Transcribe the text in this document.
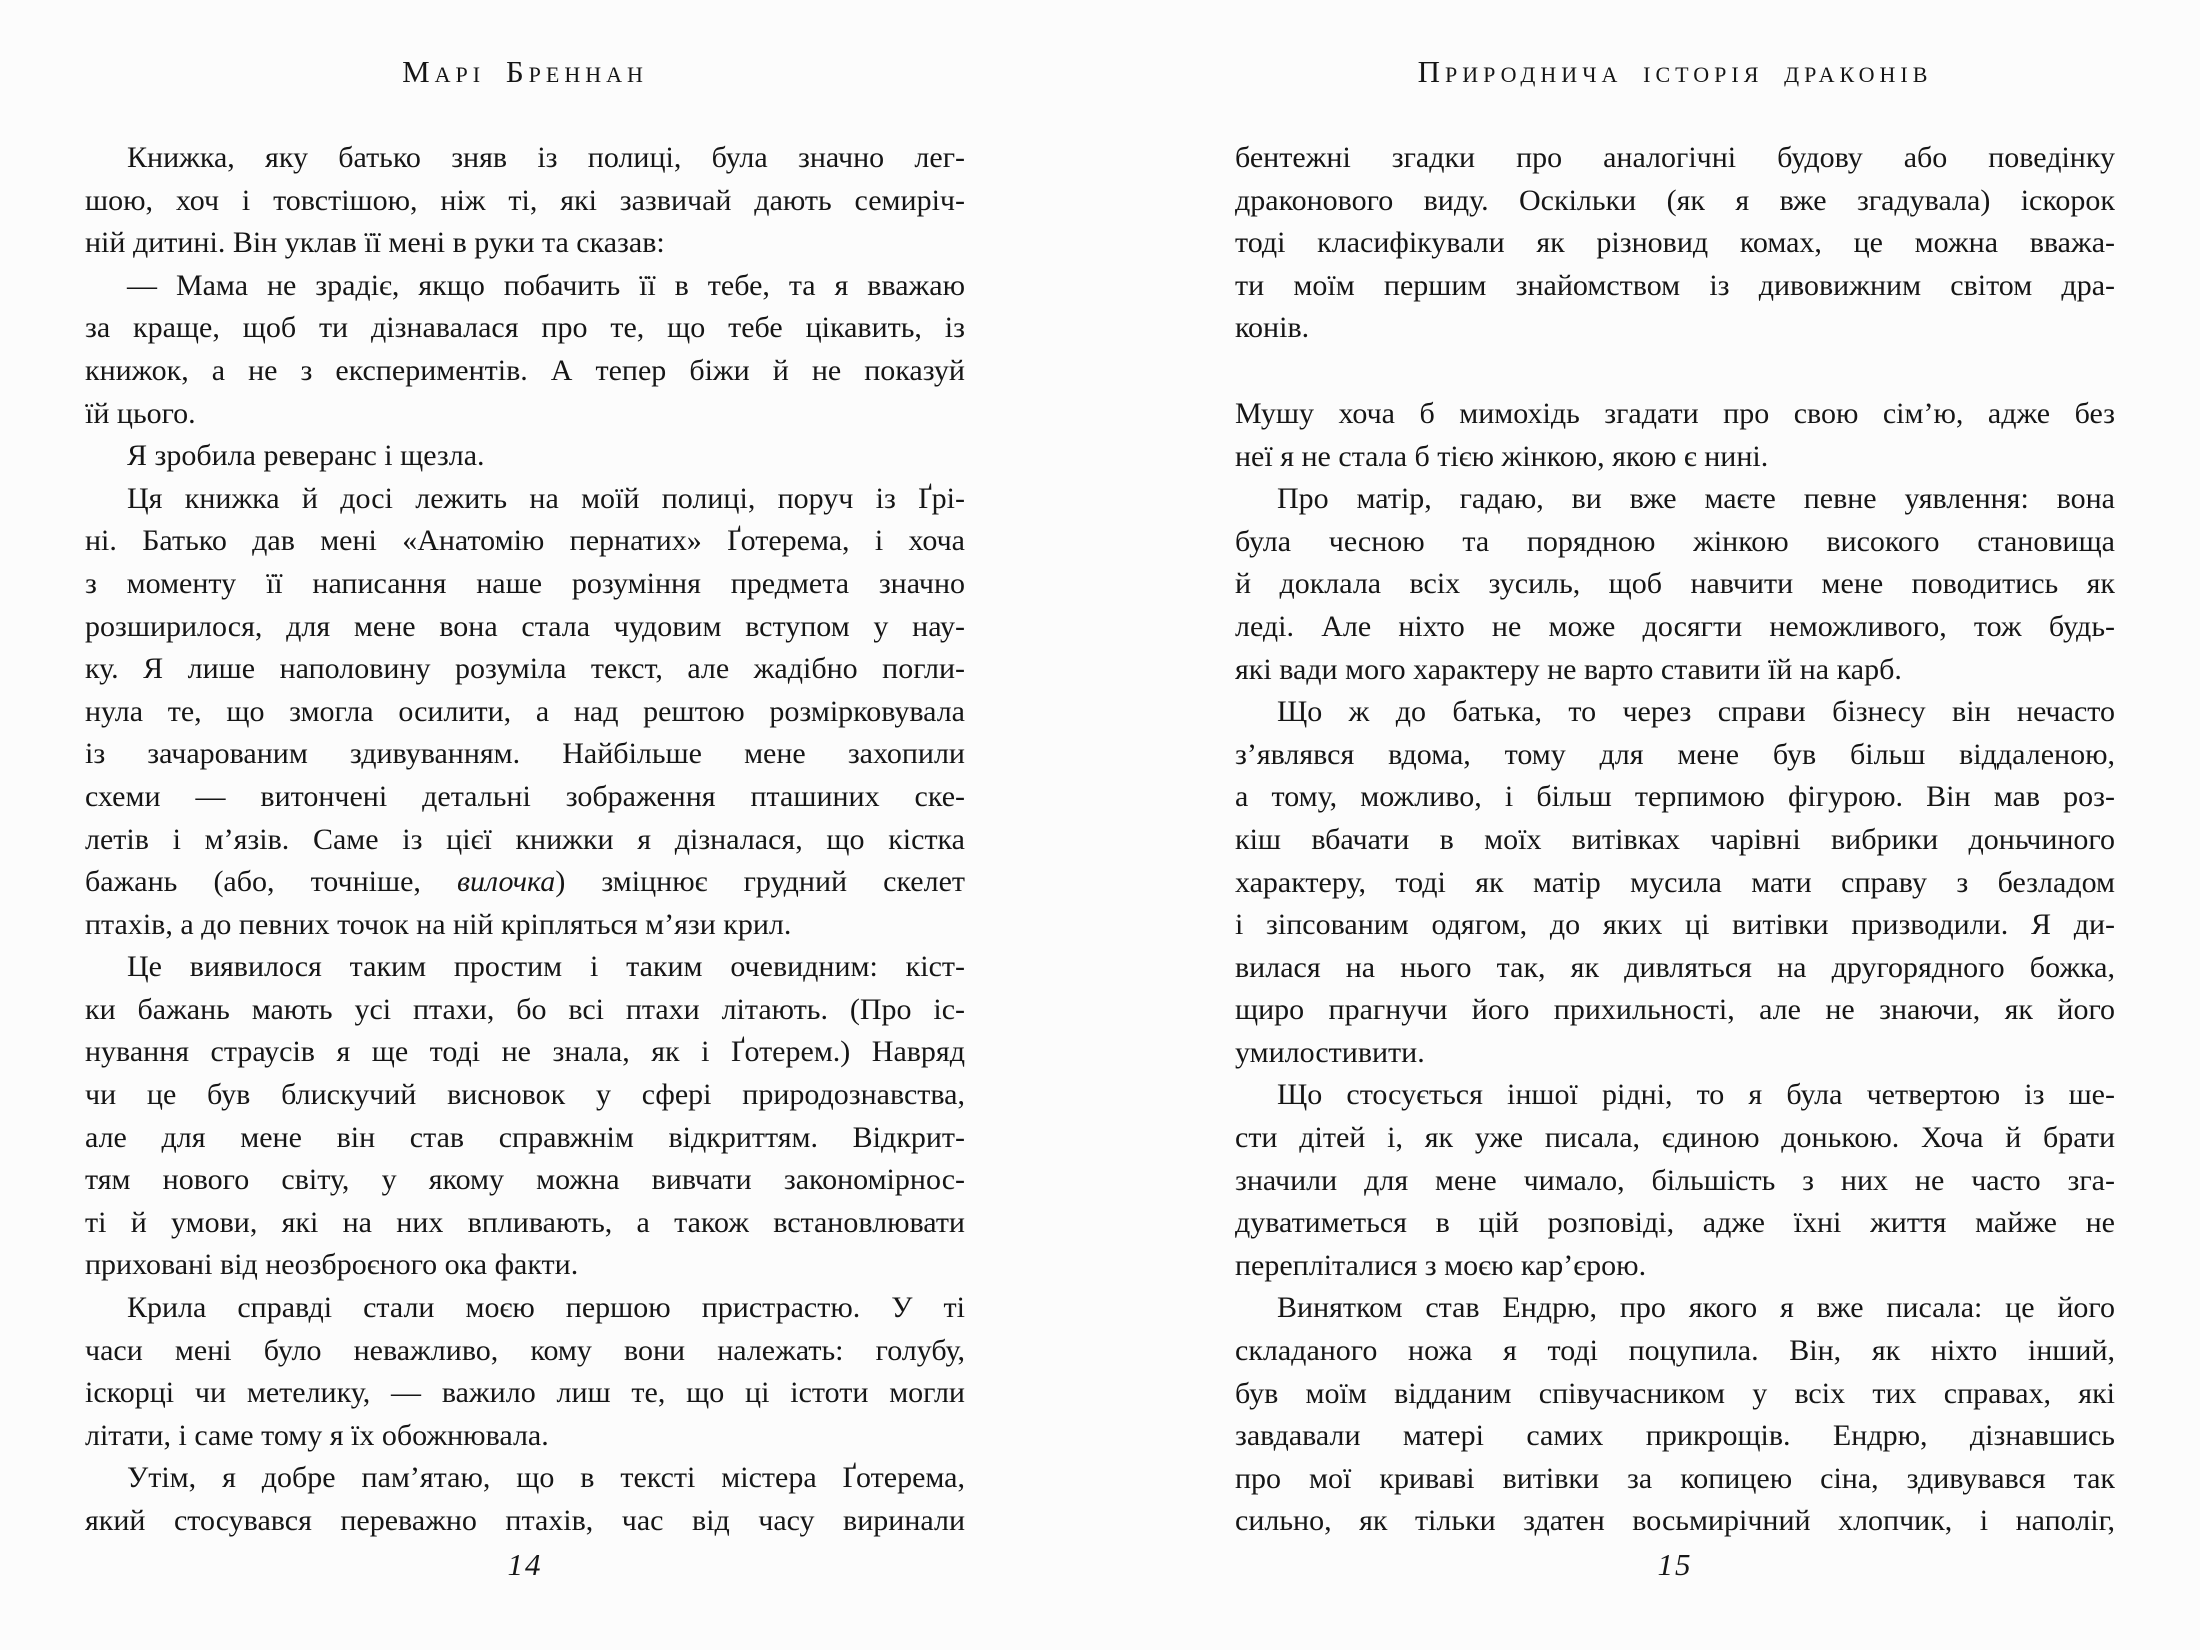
Марі Бреннан
Книжка, яку батько зняв із полиці, була значно лег-
шою, хоч і товстішою, ніж ті, які зазвичай дають семиріч-
ній дитині. Він уклав її мені в руки та сказав:
— Мама не зрадіє, якщо побачить її в тебе, та я вважаю
за краще, щоб ти дізнавалася про те, що тебе цікавить, із
книжок, а не з експериментів. А тепер біжи й не показуй
їй цього.
Я зробила реверанс і щезла.
Ця книжка й досі лежить на моїй полиці, поруч із Ґрі-
ні. Батько дав мені «Анатомію пернатих» Ґотерема, і хоча
з моменту її написання наше розуміння предмета значно
розширилося, для мене вона стала чудовим вступом у нау-
ку. Я лише наполовину розуміла текст, але жадібно погли-
нула те, що змогла осилити, а над рештою розмірковувала
із зачарованим здивуванням. Найбільше мене захопили
схеми — витончені детальні зображення пташиних ске-
летів і м’язів. Саме із цієї книжки я дізналася, що кістка
бажань (або, точніше, вилочка) зміцнює грудний скелет
птахів, а до певних точок на ній кріпляться м’язи крил.
Це виявилося таким простим і таким очевидним: кіст-
ки бажань мають усі птахи, бо всі птахи літають. (Про іс-
нування страусів я ще тоді не знала, як і Ґотерем.) Навряд
чи це був блискучий висновок у сфері природознавства,
але для мене він став справжнім відкриттям. Відкрит-
тям нового світу, у якому можна вивчати закономірнос-
ті й умови, які на них впливають, а також встановлювати
приховані від неозброєного ока факти.
Крила справді стали моєю першою пристрастю. У ті
часи мені було неважливо, кому вони належать: голубу,
іскорці чи метелику, — важило лиш те, що ці істоти могли
літати, і саме тому я їх обожнювала.
Утім, я добре пам’ятаю, що в тексті містера Ґотерема,
який стосувався переважно птахів, час від часу виринали
14
Природнича історія драконів
бентежні згадки про аналогічні будову або поведінку
драконового виду. Оскільки (як я вже згадувала) іскорок
тоді класифікували як різновид комах, це можна вважа-
ти моїм першим знайомством із дивовижним світом дра-
конів.
Мушу хоча б мимохідь згадати про свою сім’ю, адже без
неї я не стала б тією жінкою, якою є нині.
Про матір, гадаю, ви вже маєте певне уявлення: вона
була чесною та порядною жінкою високого становища
й доклала всіх зусиль, щоб навчити мене поводитись як
леді. Але ніхто не може досягти неможливого, тож будь-
які вади мого характеру не варто ставити їй на карб.
Що ж до батька, то через справи бізнесу він нечасто
з’являвся вдома, тому для мене був більш віддаленою,
а тому, можливо, і більш терпимою фігурою. Він мав роз-
кіш вбачати в моїх витівках чарівні вибрики доньчиного
характеру, тоді як матір мусила мати справу з безладом
і зіпсованим одягом, до яких ці витівки призводили. Я ди-
вилася на нього так, як дивляться на другорядного божка,
щиро прагнучи його прихильності, але не знаючи, як його
умилостивити.
Що стосується іншої рідні, то я була четвертою із ше-
сти дітей і, як уже писала, єдиною донькою. Хоча й брати
значили для мене чимало, більшість з них не часто зга-
дуватиметься в цій розповіді, адже їхні життя майже не
перепліталися з моєю кар’єрою.
Винятком став Ендрю, про якого я вже писала: це його
складаного ножа я тоді поцупила. Він, як ніхто інший,
був моїм відданим співучасником у всіх тих справах, які
завдавали матері самих прикрощів. Ендрю, дізнавшись
про мої криваві витівки за копицею сіна, здивувався так
сильно, як тільки здатен восьмирічний хлопчик, і наполіг,
15
